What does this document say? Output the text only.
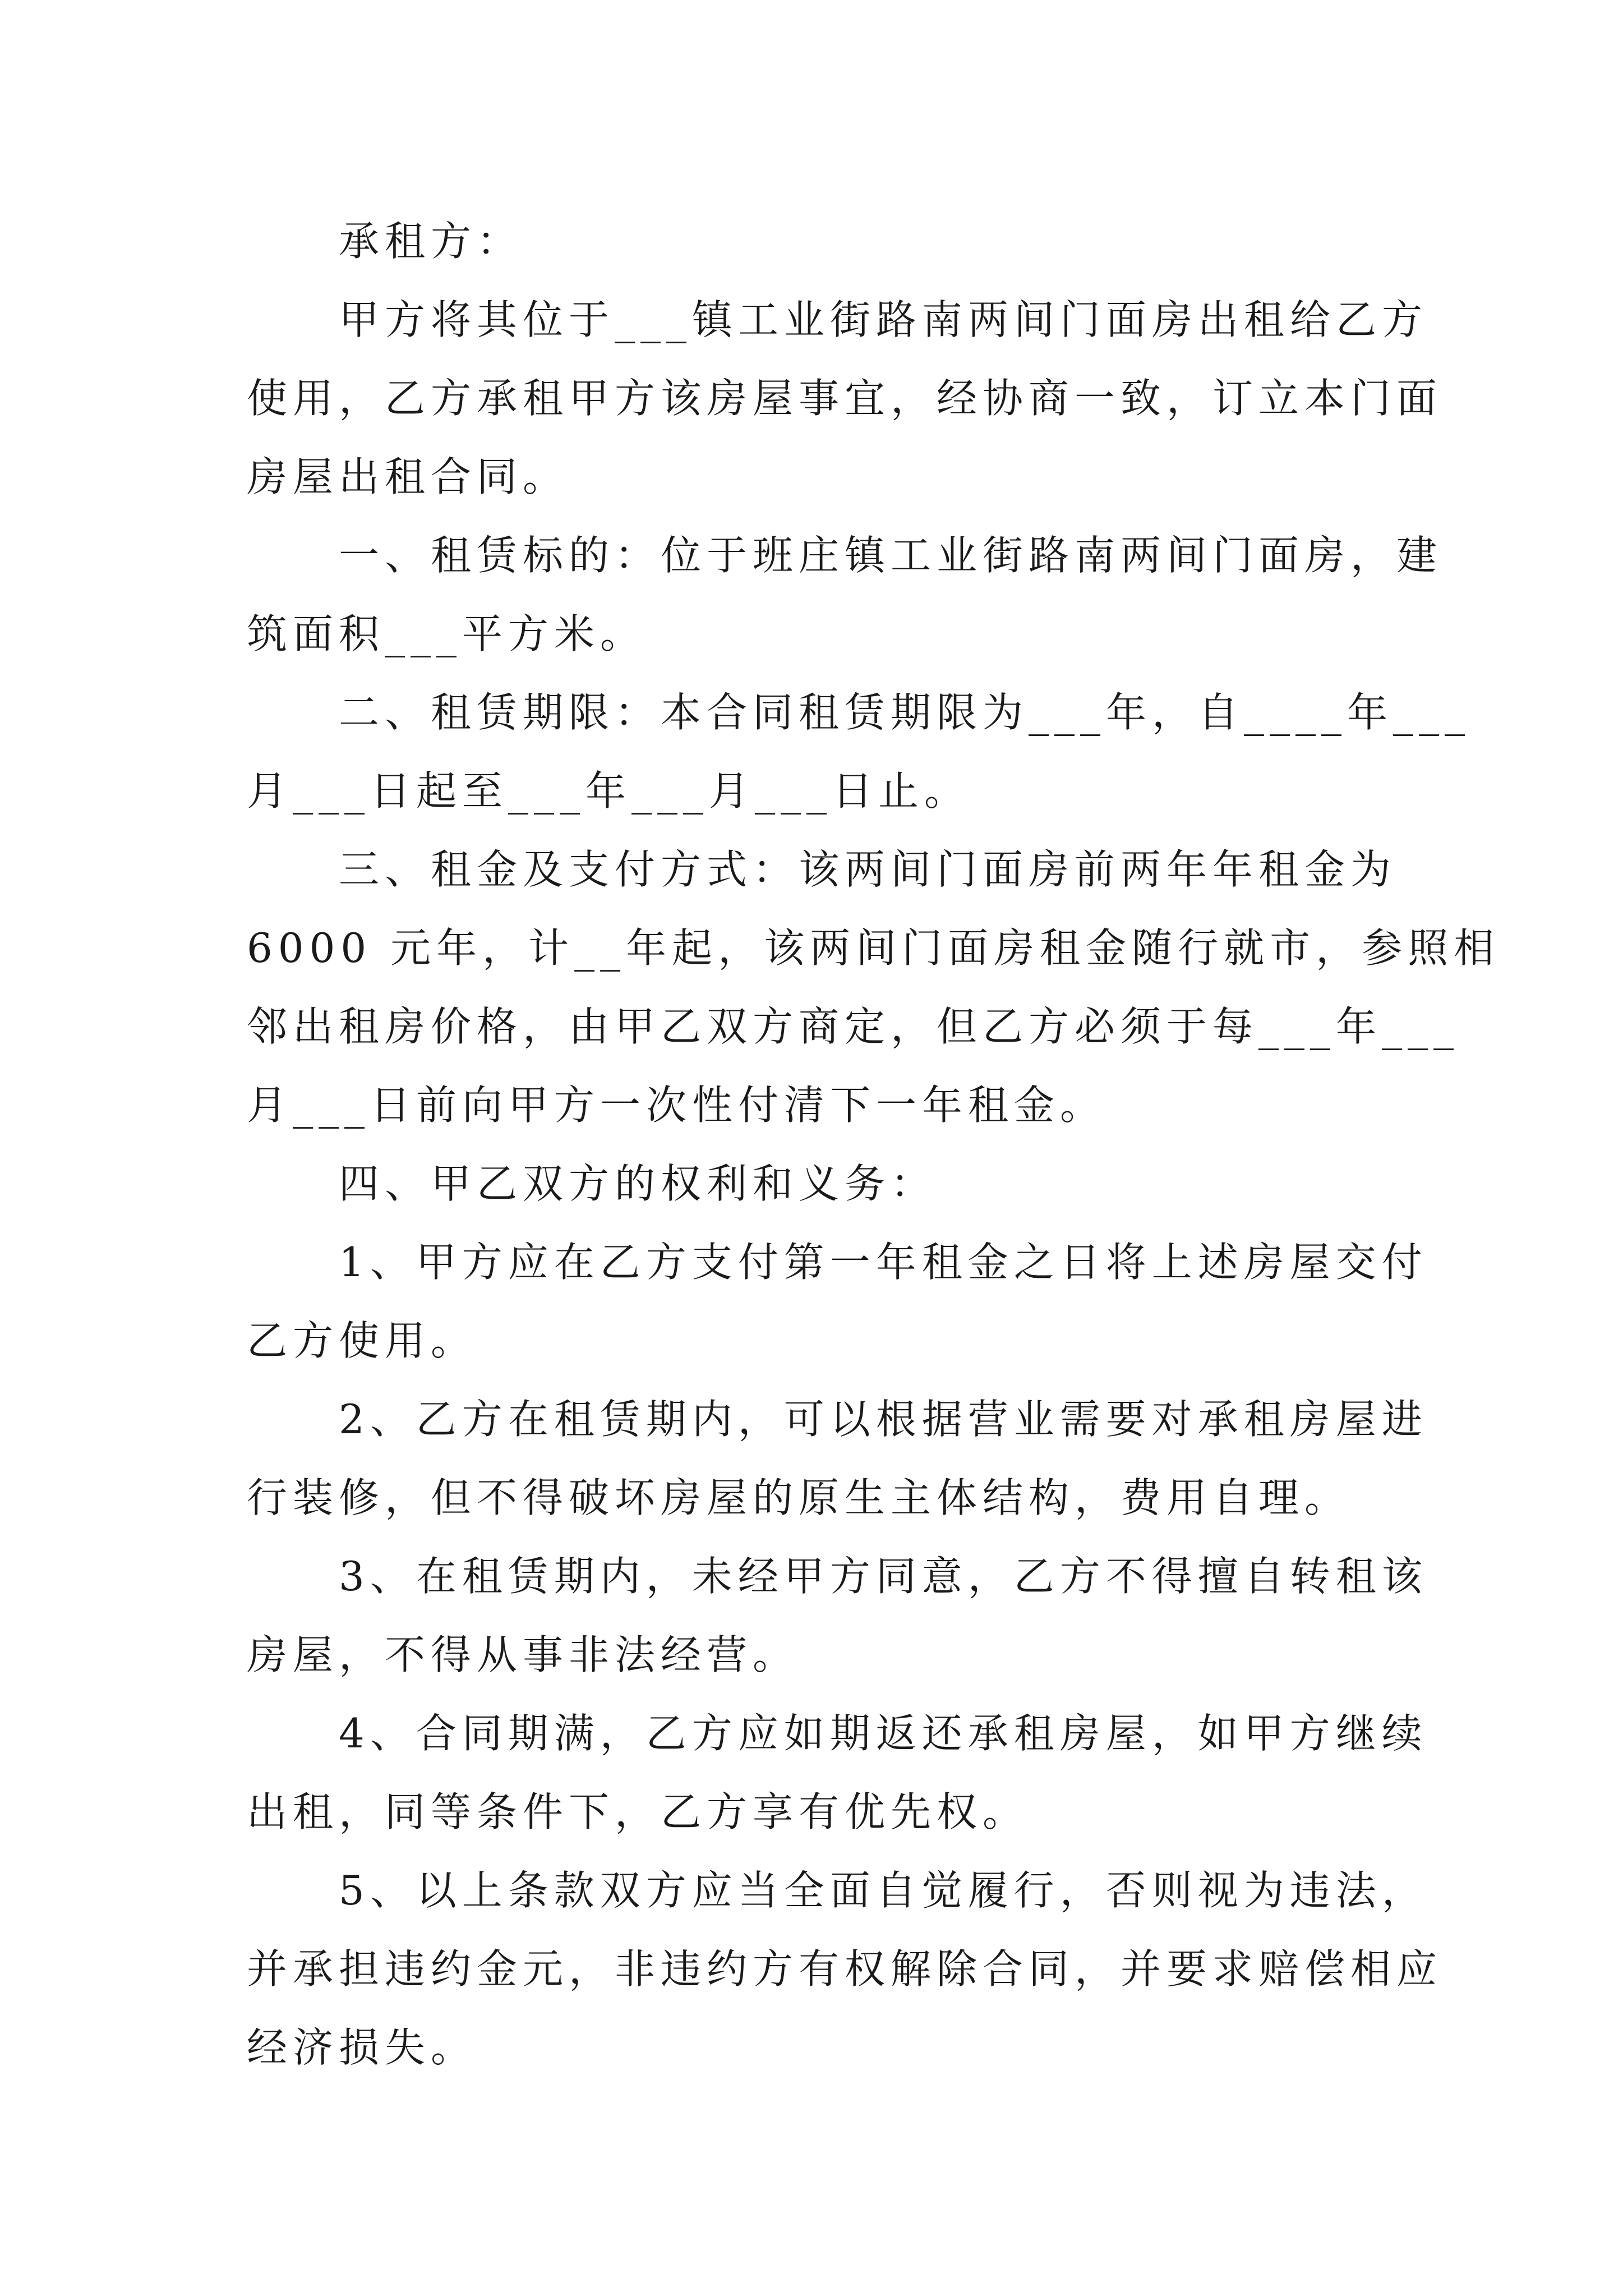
承租方：

甲方将其位于___镇工业街路南两间门面房出租给乙方
使用，乙方承租甲方该房屋事宜，经协商一致，订立本门面
房屋出租合同。

一、租赁标的：位于班庄镇工业街路南两间门面房，建
筑面积___平方米。

二、租赁期限：本合同租赁期限为___年，自____年___
月___日起至___年___月___日止。

三、租金及支付方式：该两间门面房前两年年租金为
6000 元年，计__年起，该两间门面房租金随行就市，参照相
邻出租房价格，由甲乙双方商定，但乙方必须于每___年___
月___日前向甲方一次性付清下一年租金。

四、甲乙双方的权利和义务：

1、甲方应在乙方支付第一年租金之日将上述房屋交付
乙方使用。

2、乙方在租赁期内，可以根据营业需要对承租房屋进
行装修，但不得破坏房屋的原生主体结构，费用自理。

3、在租赁期内，未经甲方同意，乙方不得擅自转租该
房屋，不得从事非法经营。

4、合同期满，乙方应如期返还承租房屋，如甲方继续
出租，同等条件下，乙方享有优先权。

5、以上条款双方应当全面自觉履行，否则视为违法，
并承担违约金元，非违约方有权解除合同，并要求赔偿相应
经济损失。
